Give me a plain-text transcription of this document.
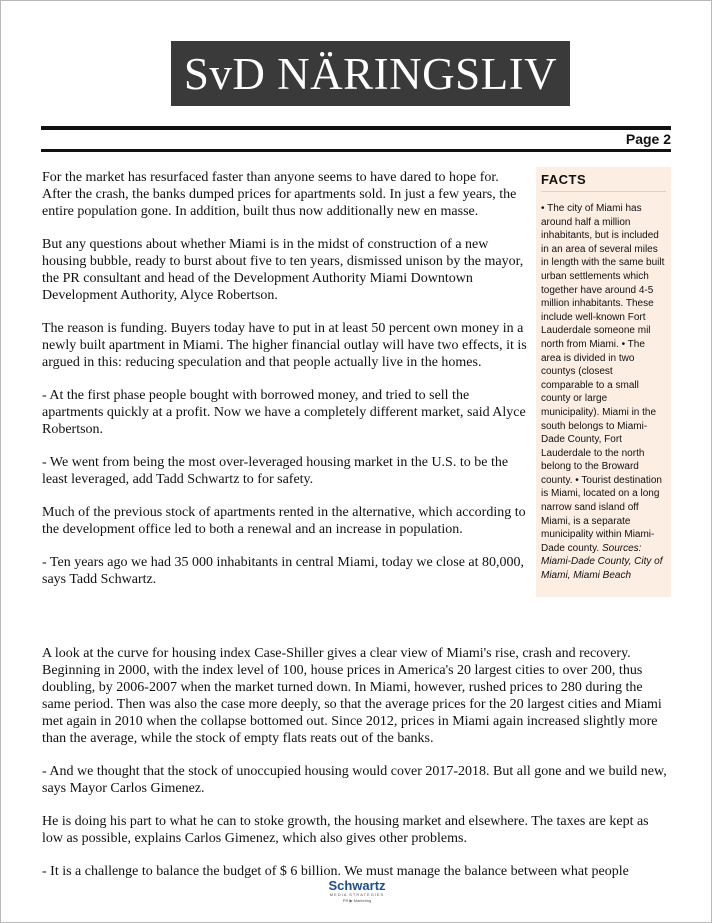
SvD NÄRINGSLIV
Page 2

For the market has resurfaced faster than anyone seems to have dared to hope for. After the crash, the banks dumped prices for apartments sold. In just a few years, the entire population gone. In addition, built thus now additionally new en masse.

But any questions about whether Miami is in the midst of construction of a new housing bubble, ready to burst about five to ten years, dismissed unison by the mayor, the PR consultant and head of the Development Authority Miami Downtown Development Authority, Alyce Robertson.

The reason is funding. Buyers today have to put in at least 50 percent own money in a newly built apartment in Miami. The higher financial outlay will have two effects, it is argued in this: reducing speculation and that people actually live in the homes.

- At the first phase people bought with borrowed money, and tried to sell the apartments quickly at a profit. Now we have a completely different market, said Alyce Robertson.

- We went from being the most over-leveraged housing market in the U.S. to be the least leveraged, add Tadd Schwartz to for safety.

Much of the previous stock of apartments rented in the alternative, which according to the development office led to both a renewal and an increase in population.

- Ten years ago we had 35 000 inhabitants in central Miami, today we close at 80,000, says Tadd Schwartz.

FACTS
• The city of Miami has around half a million inhabitants, but is included in an area of several miles in length with the same built urban settlements which together have around 4-5 million inhabitants. These include well-known Fort Lauderdale someone mil north from Miami. • The area is divided in two countys (closest comparable to a small county or large municipality). Miami in the south belongs to Miami-Dade County, Fort Lauderdale to the north belong to the Broward county. • Tourist destination is Miami, located on a long narrow sand island off Miami, is a separate municipality within Miami-Dade county. Sources: Miami-Dade County, City of Miami, Miami Beach

A look at the curve for housing index Case-Shiller gives a clear view of Miami's rise, crash and recovery. Beginning in 2000, with the index level of 100, house prices in America's 20 largest cities to over 200, thus doubling, by 2006-2007 when the market turned down. In Miami, however, rushed prices to 280 during the same period. Then was also the case more deeply, so that the average prices for the 20 largest cities and Miami met again in 2010 when the collapse bottomed out. Since 2012, prices in Miami again increased slightly more than the average, while the stock of empty flats reats out of the banks.

- And we thought that the stock of unoccupied housing would cover 2017-2018. But all gone and we build new, says Mayor Carlos Gimenez.

He is doing his part to what he can to stoke growth, the housing market and elsewhere. The taxes are kept as low as possible, explains Carlos Gimenez, which also gives other problems.

- It is a challenge to balance the budget of $ 6 billion. We must manage the balance between what people

Schwartz
MEDIA STRATEGIES
PR ▶ Marketing
